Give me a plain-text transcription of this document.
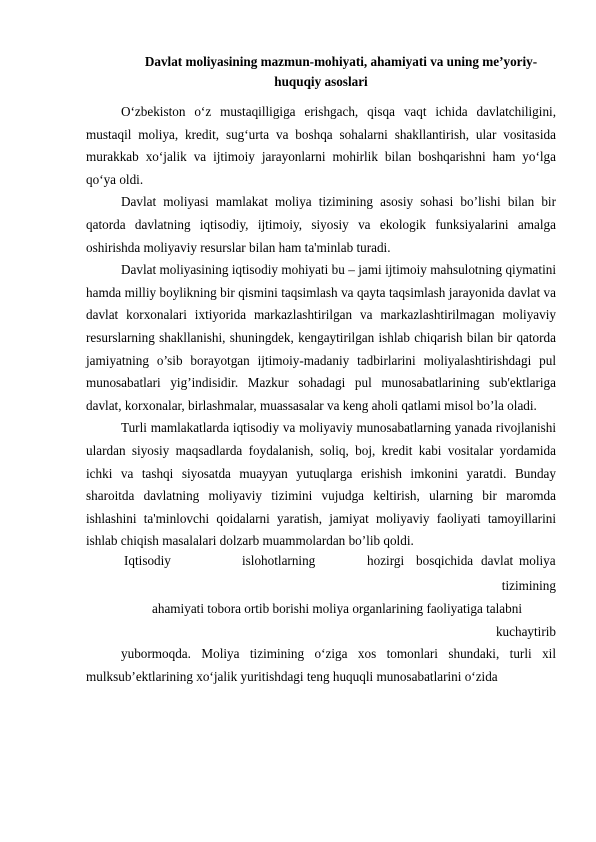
Davlat moliyasining mazmun-mohiyati, ahamiyati va uning me’yoriy-
huquqiy asoslari

O‘zbekiston o‘z mustaqilligiga erishgach, qisqa vaqt ichida davlatchiligini, mustaqil moliya, kredit, sug‘urta va boshqa sohalarni shakllantirish, ular vositasida murakkab xo‘jalik va ijtimoiy jarayonlarni mohirlik bilan boshqarishni ham yo‘lga qo‘ya oldi.

Davlat moliyasi mamlakat moliya tizimining asosiy sohasi bo’lishi bilan bir qatorda davlatning iqtisodiy, ijtimoiy, siyosiy va ekologik funksiyalarini amalga oshirishda moliyaviy resurslar bilan ham ta'minlab turadi.

Davlat moliyasining iqtisodiy mohiyati bu – jami ijtimoiy mahsulotning qiymatini hamda milliy boylikning bir qismini taqsimlash va qayta taqsimlash jarayonida davlat va davlat korxonalari ixtiyorida markazlashtirilgan va markazlashtirilmagan moliyaviy resurslarning shakllanishi, shuningdek, kengaytirilgan ishlab chiqarish bilan bir qatorda jamiyatning o’sib borayotgan ijtimoiy-madaniy tadbirlarini moliyalashtirishdagi pul munosabatlari yig’indisidir. Mazkur sohadagi pul munosabatlarining sub'ektlariga davlat, korxonalar, birlashmalar, muassasalar va keng aholi qatlami misol bo’la oladi.

Turli mamlakatlarda iqtisodiy va moliyaviy munosabatlarning yanada rivojlanishi ulardan siyosiy maqsadlarda foydalanish, soliq, boj, kredit kabi vositalar yordamida ichki va tashqi siyosatda muayyan yutuqlarga erishish imkonini yaratdi. Bunday sharoitda davlatning moliyaviy tizimini vujudga keltirish, ularning bir maromda ishlashini ta'minlovchi qoidalarni yaratish, jamiyat moliyaviy faoliyati tamoyillarini ishlab chiqish masalalari dolzarb muammolardan bo’lib qoldi.

Iqtisodiy	islohotlarning	hozirgi bosqichida davlat moliya

tizimining

ahamiyati tobora ortib borishi moliya organlarining faoliyatiga talabni

kuchaytirib

yubormoqda. Moliya tizimining o‘ziga xos tomonlari shundaki, turli xil mulksub’ektlarining xo‘jalik yuritishdagi teng huquqli munosabatlarini o‘zida
